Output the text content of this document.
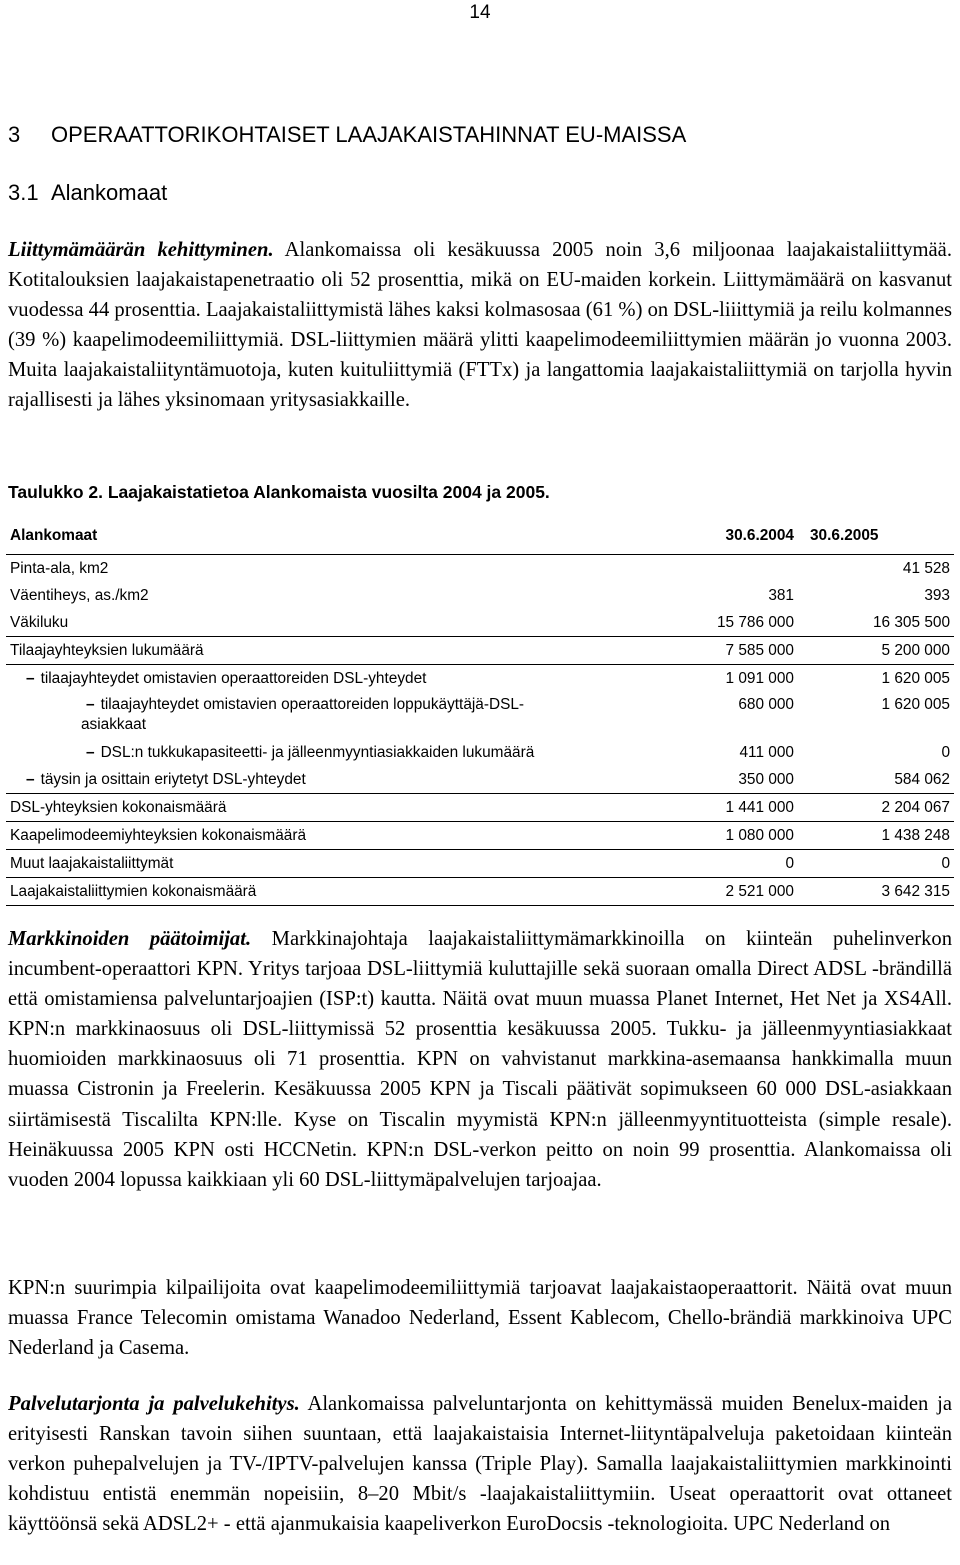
14
3 OPERAATTORIKOHTAISET LAAJAKAISTAHINNAT EU-MAISSA
3.1 Alankomaat

Liittymämäärän kehittyminen. Alankomaissa oli kesäkuussa 2005 noin 3,6 miljoonaa laajakaistaliittymää. Kotitalouksien laajakaistapenetraatio oli 52 prosenttia, mikä on EU-maiden korkein. Liittymämäärä on kasvanut vuodessa 44 prosenttia. Laajakaistaliittymistä lähes kaksi kolmasosaa (61 %) on DSL-liiittymiä ja reilu kolmannes (39 %) kaapelimodeemiliittymiä. DSL-liittymien määrä ylitti kaapelimodeemiliittymien määrän jo vuonna 2003. Muita laajakaistaliityntämuotoja, kuten kuituliittymiä (FTTx) ja langattomia laajakaistaliittymiä on tarjolla hyvin rajallisesti ja lähes yksinomaan yritysasiakkaille.

Taulukko 2. Laajakaistatietoa Alankomaista vuosilta 2004 ja 2005.
Alankomaat	30.6.2004	30.6.2005
Pinta-ala, km2		41 528
Väentiheys, as./km2	381	393
Väkiluku	15 786 000	16 305 500
Tilaajayhteyksien lukumäärä	7 585 000	5 200 000
– tilaajayhteydet omistavien operaattoreiden DSL-yhteydet	1 091 000	1 620 005
– tilaajayhteydet omistavien operaattoreiden loppukäyttäjä-DSL-
asiakkaat	680 000	1 620 005
– DSL:n tukkukapasiteetti- ja jälleenmyyntiasiakkaiden lukumäärä	411 000	0
– täysin ja osittain eriytetyt DSL-yhteydet	350 000	584 062
DSL-yhteyksien kokonaismäärä	1 441 000	2 204 067
Kaapelimodeemiyhteyksien kokonaismäärä	1 080 000	1 438 248
Muut laajakaistaliittymät	0	0
Laajakaistaliittymien kokonaismäärä	2 521 000	3 642 315

Markkinoiden päätoimijat. Markkinajohtaja laajakaistaliittymämarkkinoilla on kiinteän puhelinverkon incumbent-operaattori KPN. Yritys tarjoaa DSL-liittymiä kuluttajille sekä suoraan omalla Direct ADSL -brändillä että omistamiensa palveluntarjoajien (ISP:t) kautta. Näitä ovat muun muassa Planet Internet, Het Net ja XS4All. KPN:n markkinaosuus oli DSL-liittymissä 52 prosenttia kesäkuussa 2005. Tukku- ja jälleenmyyntiasiakkaat huomioiden markkinaosuus oli 71 prosenttia. KPN on vahvistanut markkina-asemaansa hankkimalla muun muassa Cistronin ja Freelerin. Kesäkuussa 2005 KPN ja Tiscali päätivät sopimukseen 60 000 DSL-asiakkaan siirtämisestä Tiscalilta KPN:lle. Kyse on Tiscalin myymistä KPN:n jälleenmyyntituotteista (simple resale). Heinäkuussa 2005 KPN osti HCCNetin. KPN:n DSL-verkon peitto on noin 99 prosenttia. Alankomaissa oli vuoden 2004 lopussa kaikkiaan yli 60 DSL-liittymäpalvelujen tarjoajaa.

KPN:n suurimpia kilpailijoita ovat kaapelimodeemiliittymiä tarjoavat laajakaistaoperaattorit. Näitä ovat muun muassa France Telecomin omistama Wanadoo Nederland, Essent Kablecom, Chello-brändiä markkinoiva UPC Nederland ja Casema.

Palvelutarjonta ja palvelukehitys. Alankomaissa palveluntarjonta on kehittymässä muiden Benelux-maiden ja erityisesti Ranskan tavoin siihen suuntaan, että laajakaistaisia Internet-liityntäpalveluja paketoidaan kiinteän verkon puhepalvelujen ja TV-/IPTV-palvelujen kanssa (Triple Play). Samalla laajakaistaliittymien markkinointi kohdistuu entistä enemmän nopeisiin, 8–20 Mbit/s -laajakaistaliittymiin. Useat operaattorit ovat ottaneet käyttöönsä sekä ADSL2+ - että ajanmukaisia kaapeliverkon EuroDocsis -teknologioita. UPC Nederland on
